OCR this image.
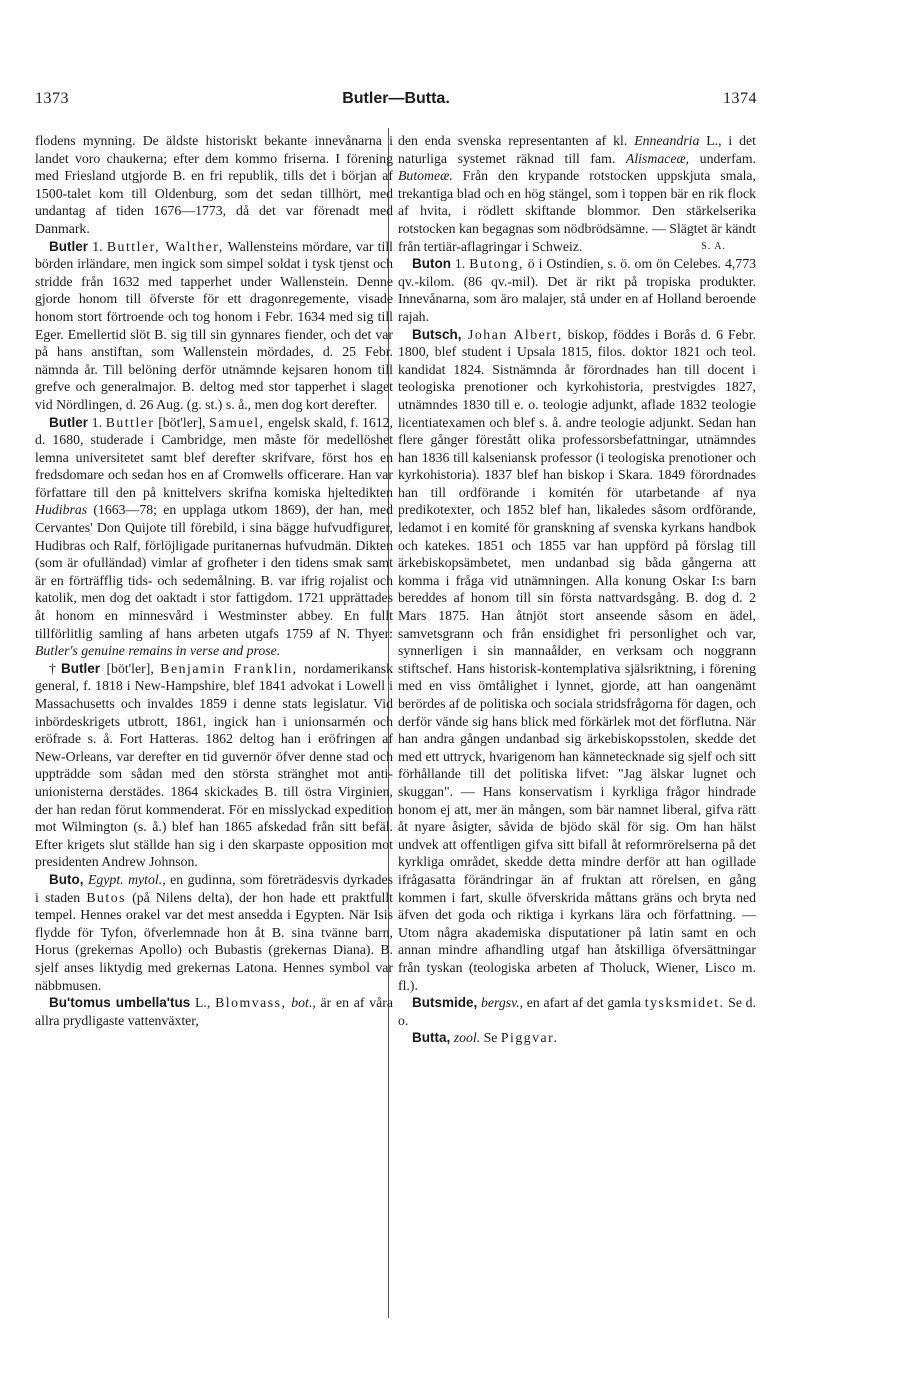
1373	Butler—Butta.	1374

flodens mynning. De äldste historiskt bekante innevånarna i landet voro chaukerna; efter dem kommo friserna. I förening med Friesland utgjorde B. en fri republik, tills det i början af 1500-talet kom till Oldenburg, som det sedan tillhört, med undantag af tiden 1676—1773, då det var förenadt med Danmark.

Butler 1. Buttler, Walther, Wallensteins mördare, var till börden irländare, men ingick som simpel soldat i tysk tjenst och stridde från 1632 med tapperhet under Wallenstein. Denne gjorde honom till öfverste för ett dragonregemente, visade honom stort förtroende och tog honom i Febr. 1634 med sig till Eger. Emellertid slöt B. sig till sin gynnares fiender, och det var på hans anstiftan, som Wallenstein mördades, d. 25 Febr. nämnda år. Till belöning derför utnämnde kejsaren honom till grefve och generalmajor. B. deltog med stor tapperhet i slaget vid Nördlingen, d. 26 Aug. (g. st.) s. å., men dog kort derefter.

Butler 1. Buttler [böt'ler], Samuel, engelsk skald, f. 1612, d. 1680, studerade i Cambridge, men måste för medellöshet lemna universitetet samt blef derefter skrifvare, först hos en fredsdomare och sedan hos en af Cromwells officerare. Han var författare till den på knittelvers skrifna komiska hjeltedikten Hudibras (1663—78; en upplaga utkom 1869), der han, med Cervantes' Don Quijote till förebild, i sina bägge hufvudfigurer, Hudibras och Ralf, förlöjligade puritanernas hufvudmän. Dikten (som är ofulländad) vimlar af grofheter i den tidens smak samt är en förträfflig tids- och sedemålning. B. var ifrig rojalist och katolik, men dog det oaktadt i stor fattigdom. 1721 upprättades åt honom en minnesvård i Westminster abbey. En fullt tillförlitlig samling af hans arbeten utgafs 1759 af N. Thyer: Butler's genuine remains in verse and prose.

† Butler [böt'ler], Benjamin Franklin, nordamerikansk general, f. 1818 i New-Hampshire, blef 1841 advokat i Lowell i Massachusetts och invaldes 1859 i denne stats legislatur. Vid inbördeskrigets utbrott, 1861, ingick han i unionsarmén och eröfrade s. å. Fort Hatteras. 1862 deltog han i eröfringen af New-Orleans, var derefter en tid guvernör öfver denne stad och uppträdde som sådan med den största stränghet mot anti-unionisterna derstädes. 1864 skickades B. till östra Virginien, der han redan förut kommenderat. För en misslyckad expedition mot Wilmington (s. å.) blef han 1865 afskedad från sitt befäl. Efter krigets slut ställde han sig i den skarpaste opposition mot presidenten Andrew Johnson.

Buto, Egypt. mytol., en gudinna, som företrädesvis dyrkades i staden Butos (på Nilens delta), der hon hade ett praktfullt tempel. Hennes orakel var det mest ansedda i Egypten. När Isis flydde för Tyfon, öfverlemnade hon åt B. sina tvänne barn, Horus (grekernas Apollo) och Bubastis (grekernas Diana). B. sjelf anses liktydig med grekernas Latona. Hennes symbol var näbbmusen.

Bu'tomus umbella'tus L., Blomvass, bot., är en af våra allra prydligaste vattenväxter,

den enda svenska representanten af kl. Enneandria L., i det naturliga systemet räknad till fam. Alismaceæ, underfam. Butomeæ. Från den krypande rotstocken uppskjuta smala, trekantiga blad och en hög stängel, som i toppen bär en rik flock af hvita, i rödlett skiftande blommor. Den stärkelserika rotstocken kan begagnas som nödbrödsämne. — Slägtet är kändt från tertiär-aflagringar i Schweiz.	S. A.

Buton 1. Butong, ö i Ostindien, s. ö. om ön Celebes. 4,773 qv.-kilom. (86 qv.-mil). Det är rikt på tropiska produkter. Innevånarna, som äro malajer, stå under en af Holland beroende rajah.

Butsch, Johan Albert, biskop, föddes i Borås d. 6 Febr. 1800, blef student i Upsala 1815, filos. doktor 1821 och teol. kandidat 1824. Sistnämnda år förordnades han till docent i teologiska prenotioner och kyrkohistoria, prestvigdes 1827, utnämndes 1830 till e. o. teologie adjunkt, aflade 1832 teologie licentiatexamen och blef s. å. andre teologie adjunkt. Sedan han flere gånger förestått olika professorsbefattningar, utnämndes han 1836 till kalseniansk professor (i teologiska prenotioner och kyrkohistoria). 1837 blef han biskop i Skara. 1849 förordnades han till ordförande i komitén för utarbetande af nya predikotexter, och 1852 blef han, likaledes såsom ordförande, ledamot i en komité för granskning af svenska kyrkans handbok och katekes. 1851 och 1855 var han uppförd på förslag till ärkebiskopsämbetet, men undanbad sig båda gångerna att komma i fråga vid utnämningen. Alla konung Oskar I:s barn bereddes af honom till sin första nattvardsgång. B. dog d. 2 Mars 1875. Han åtnjöt stort anseende såsom en ädel, samvetsgrann och från ensidighet fri personlighet och var, synnerligen i sin mannaålder, en verksam och noggrann stiftschef. Hans historisk-kontemplativa själsriktning, i förening med en viss ömtålighet i lynnet, gjorde, att han oangenämt berördes af de politiska och sociala stridsfrågorna för dagen, och derför vände sig hans blick med förkärlek mot det förflutna. När han andra gången undanbad sig ärkebiskopsstolen, skedde det med ett uttryck, hvarigenom han kännetecknade sig sjelf och sitt förhållande till det politiska lifvet: "Jag älskar lugnet och skuggan". — Hans konservatism i kyrkliga frågor hindrade honom ej att, mer än mången, som bär namnet liberal, gifva rätt åt nyare åsigter, såvida de bjödo skäl för sig. Om han hälst undvek att offentligen gifva sitt bifall åt reformrörelserna på det kyrkliga området, skedde detta mindre derför att han ogillade ifrågasatta förändringar än af fruktan att rörelsen, en gång kommen i fart, skulle öfverskrida måttans gräns och bryta ned äfven det goda och riktiga i kyrkans lära och författning. — Utom några akademiska disputationer på latin samt en och annan mindre afhandling utgaf han åtskilliga öfversättningar från tyskan (teologiska arbeten af Tholuck, Wiener, Lisco m. fl.).

Butsmide, bergsv., en afart af det gamla tysksmidet. Se d. o.

Butta, zool. Se Piggvar.
